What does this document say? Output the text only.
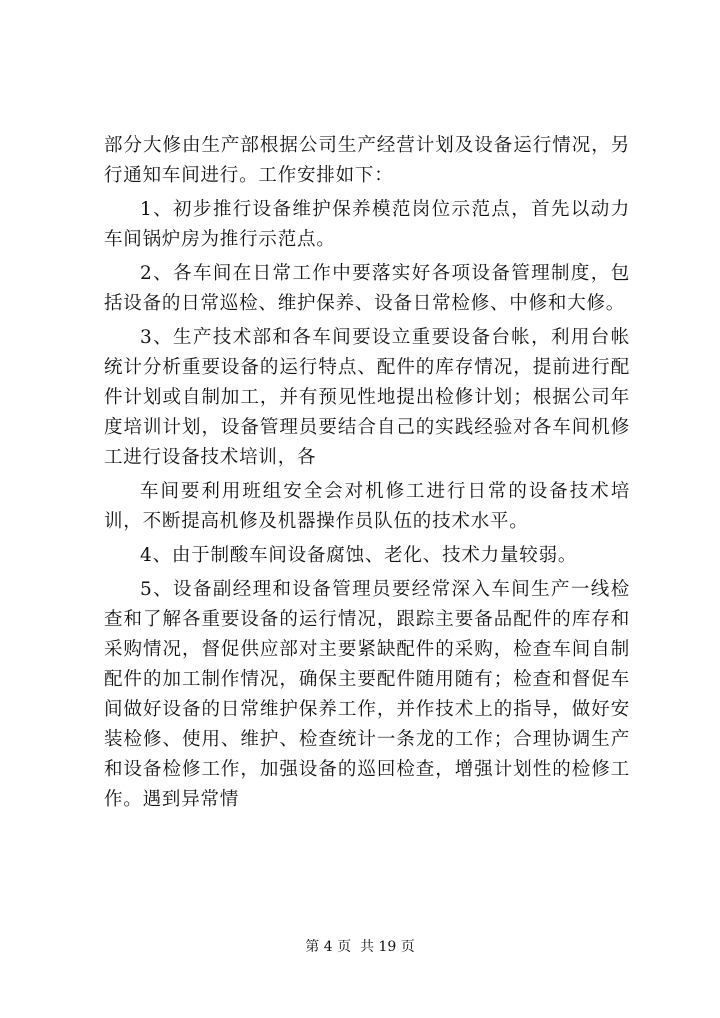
部分大修由生产部根据公司生产经营计划及设备运行情况，另行通知车间进行。工作安排如下：

1、初步推行设备维护保养模范岗位示范点，首先以动力车间锅炉房为推行示范点。

2、各车间在日常工作中要落实好各项设备管理制度，包括设备的日常巡检、维护保养、设备日常检修、中修和大修。

3、生产技术部和各车间要设立重要设备台帐，利用台帐统计分析重要设备的运行特点、配件的库存情况，提前进行配件计划或自制加工，并有预见性地提出检修计划；根据公司年度培训计划，设备管理员要结合自己的实践经验对各车间机修工进行设备技术培训，各

车间要利用班组安全会对机修工进行日常的设备技术培训，不断提高机修及机器操作员队伍的技术水平。

4、由于制酸车间设备腐蚀、老化、技术力量较弱。

5、设备副经理和设备管理员要经常深入车间生产一线检查和了解各重要设备的运行情况，跟踪主要备品配件的库存和采购情况，督促供应部对主要紧缺配件的采购，检查车间自制配件的加工制作情况，确保主要配件随用随有；检查和督促车间做好设备的日常维护保养工作，并作技术上的指导，做好安装检修、使用、维护、检查统计一条龙的工作；合理协调生产和设备检修工作，加强设备的巡回检查，增强计划性的检修工作。遇到异常情

第 4 页  共 19 页
